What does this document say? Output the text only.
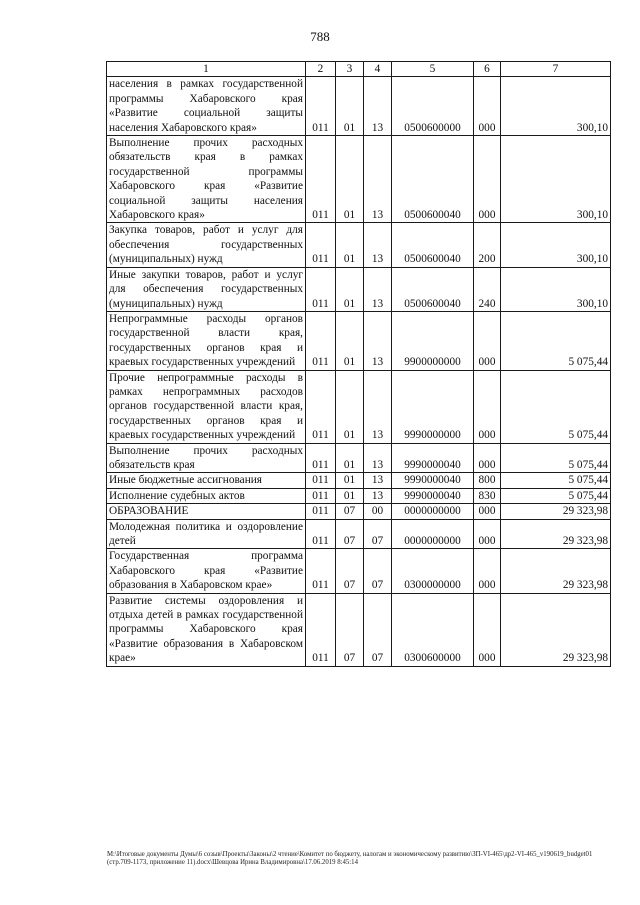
788
1	2	3	4	5	6	7
населения в рамках государственной программы Хабаровского края «Развитие социальной защиты населения Хабаровского края»	011	01	13	0500600000	000	300,10
Выполнение прочих расходных обязательств края в рамках государственной программы Хабаровского края «Развитие социальной защиты населения Хабаровского края»	011	01	13	0500600040	000	300,10
Закупка товаров, работ и услуг для обеспечения государственных (муниципальных) нужд	011	01	13	0500600040	200	300,10
Иные закупки товаров, работ и услуг для обеспечения государственных (муниципальных) нужд	011	01	13	0500600040	240	300,10
Непрограммные расходы органов государственной власти края, государственных органов края и краевых государственных учреждений	011	01	13	9900000000	000	5 075,44
Прочие непрограммные расходы в рамках непрограммных расходов органов государственной власти края, государственных органов края и краевых государственных учреждений	011	01	13	9990000000	000	5 075,44
Выполнение прочих расходных обязательств края	011	01	13	9990000040	000	5 075,44
Иные бюджетные ассигнования	011	01	13	9990000040	800	5 075,44
Исполнение судебных актов	011	01	13	9990000040	830	5 075,44
ОБРАЗОВАНИЕ	011	07	00	0000000000	000	29 323,98
Молодежная политика и оздоровление детей	011	07	07	0000000000	000	29 323,98
Государственная программа Хабаровского края «Развитие образования в Хабаровском крае»	011	07	07	0300000000	000	29 323,98
Развитие системы оздоровления и отдыха детей в рамках государственной программы Хабаровского края «Развитие образования в Хабаровском крае»	011	07	07	0300600000	000	29 323,98
M:\Итоговые документы Думы\6 созыв\Проекты\Законы\2 чтение\Комитет по бюджету, налогам и экономическому развитию\ЗП-VI-465\др2-VI-465_v190619_budget01 (стр.709-1173, приложение 11).docx\Шевцова Ирина Владимировна\17.06.2019 8:45:14
